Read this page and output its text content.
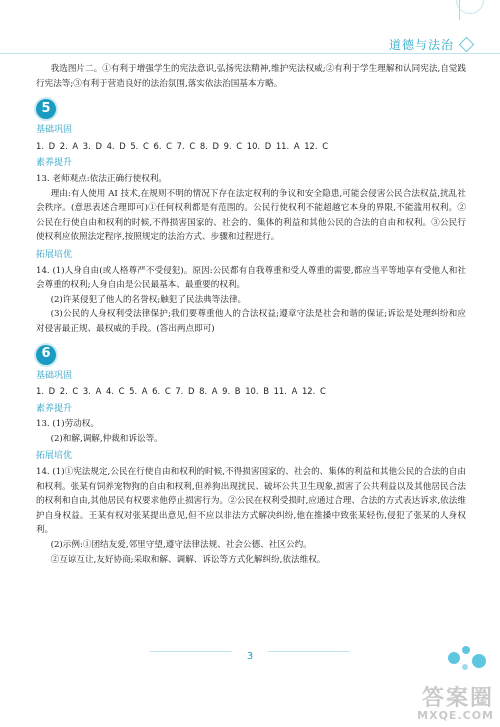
道德与法治

我选图片二。①有利于增强学生的宪法意识,弘扬宪法精神,维护宪法权威;②有利于学生理解和认同宪法,自觉践行宪法等;③有利于营造良好的法治氛围,落实依法治国基本方略。

5
基础巩固

1. D 2. A 3. D 4. D 5. C 6. C 7. C 8. D 9. C 10. D 11. A 12. C

素养提升

13. 老师观点:依法正确行使权利。

理由:有人使用 AI 技术,在规则不明的情况下存在法定权利的争议和安全隐患,可能会侵害公民合法权益,扰乱社会秩序。(意思表述合理即可)①任何权利都是有范围的。公民行使权利不能超越它本身的界限,不能滥用权利。②公民在行使自由和权利的时候,不得损害国家的、社会的、集体的利益和其他公民的合法的自由和权利。③公民行使权利应依照法定程序,按照规定的法治方式、步骤和过程进行。

拓展培优

14. (1)人身自由(或人格尊严不受侵犯)。原因:公民都有自我尊重和受人尊重的需要,都应当平等地享有受他人和社会尊重的权利;人身自由是公民最基本、最重要的权利。

(2)许某侵犯了他人的名誉权;触犯了民法典等法律。

(3)公民的人身权利受法律保护;我们要尊重他人的合法权益;遵章守法是社会和谐的保证;诉讼是处理纠纷和应对侵害最正规、最权威的手段。(答出两点即可)

6
基础巩固

1. D 2. C 3. A 4. C 5. A 6. C 7. D 8. A 9. B 10. B 11. A 12. C

素养提升

13. (1)劳动权。

(2)和解,调解,仲裁和诉讼等。

拓展培优

14. (1)①宪法规定,公民在行使自由和权利的时候,不得损害国家的、社会的、集体的利益和其他公民的合法的自由和权利。张某有饲养宠物狗的自由和权利,但养狗出现扰民、破坏公共卫生现象,损害了公共利益以及其他居民合法的权利和自由,其他居民有权要求他停止损害行为。②公民在权利受损时,应通过合理、合法的方式表达诉求,依法维护自身权益。王某有权对张某提出意见,但不应以非法方式解决纠纷,他在推搡中致张某轻伤,侵犯了张某的人身权利。

(2)示例:①团结友爱,邻里守望,遵守法律法规、社会公德、社区公约。

②互谅互让,友好协商;采取和解、调解、诉讼等方式化解纠纷,依法维权。

3
答案圈
MXQE.COM
